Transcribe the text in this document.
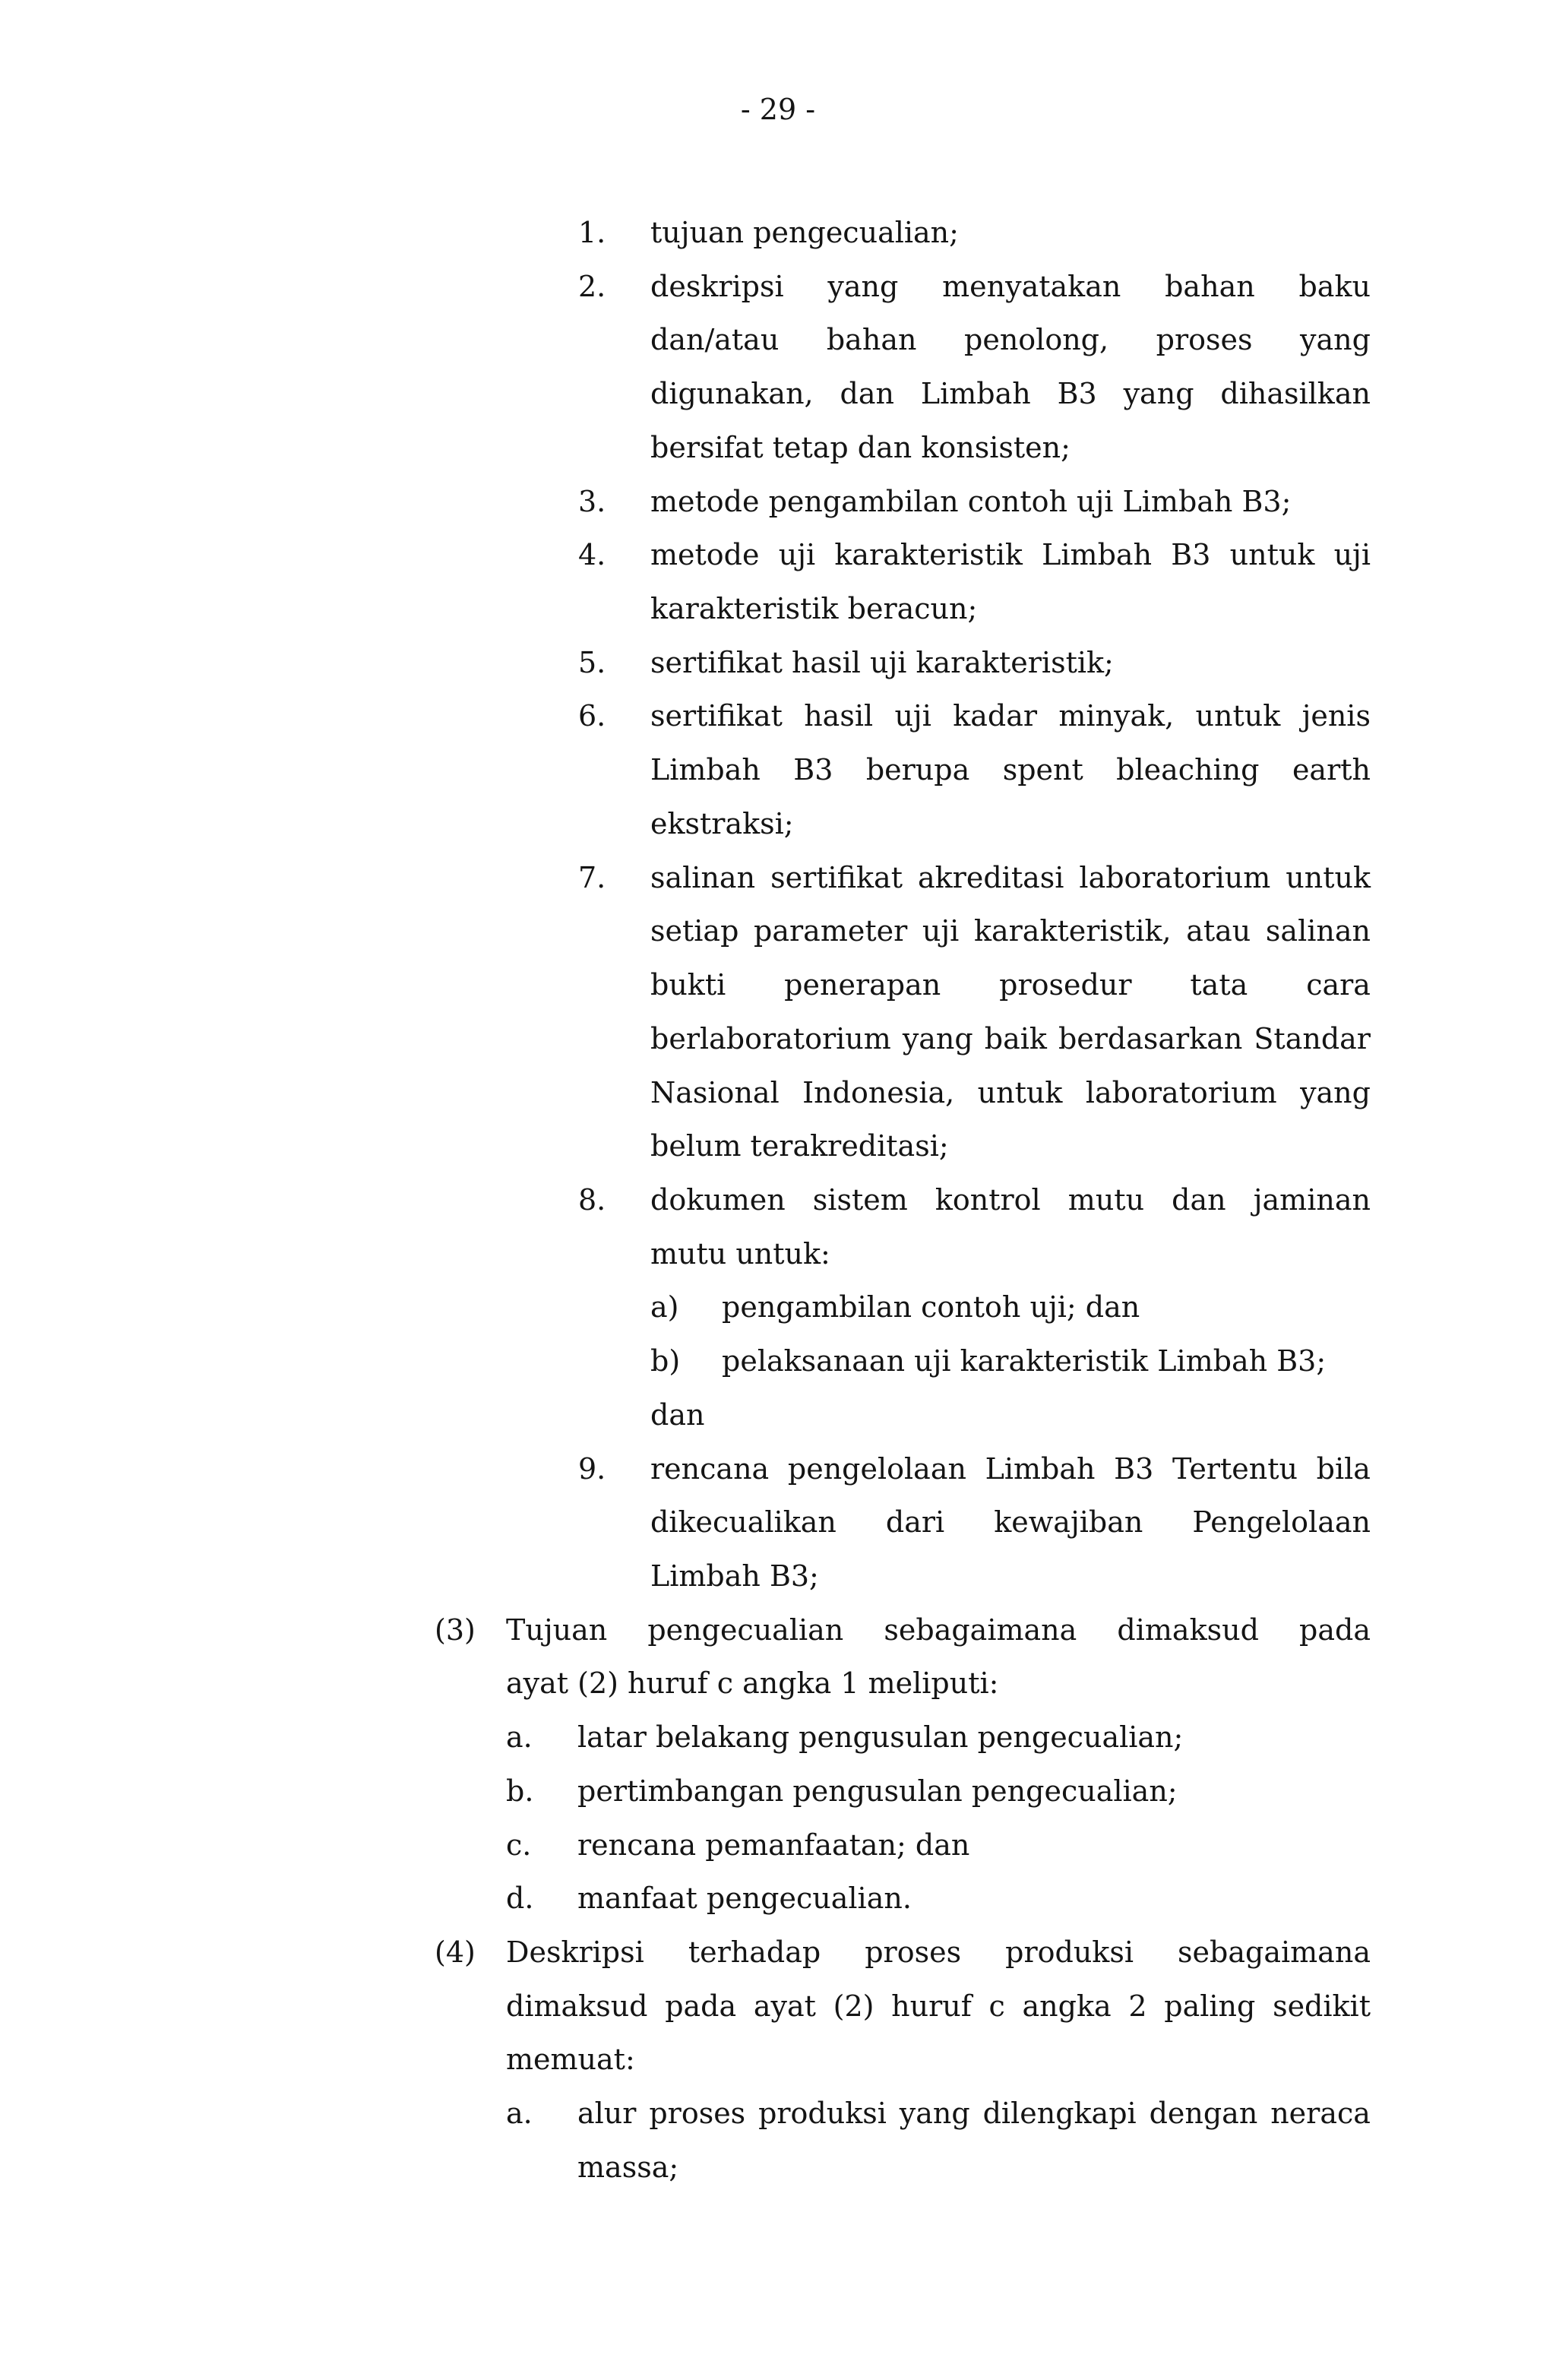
- 29 -
1. tujuan pengecualian;
2. deskripsi yang menyatakan bahan baku
dan/atau bahan penolong, proses yang
digunakan, dan Limbah B3 yang dihasilkan
bersifat tetap dan konsisten;
3. metode pengambilan contoh uji Limbah B3;
4. metode uji karakteristik Limbah B3 untuk uji
karakteristik beracun;
5. sertifikat hasil uji karakteristik;
6. sertifikat hasil uji kadar minyak, untuk jenis
Limbah B3 berupa spent bleaching earth
ekstraksi;
7. salinan sertifikat akreditasi laboratorium untuk
setiap parameter uji karakteristik, atau salinan
bukti penerapan prosedur tata cara
berlaboratorium yang baik berdasarkan Standar
Nasional Indonesia, untuk laboratorium yang
belum terakreditasi;
8. dokumen sistem kontrol mutu dan jaminan
mutu untuk:
a) pengambilan contoh uji; dan
b) pelaksanaan uji karakteristik Limbah B3;
dan
9. rencana pengelolaan Limbah B3 Tertentu bila
dikecualikan dari kewajiban Pengelolaan
Limbah B3;
(3) Tujuan pengecualian sebagaimana dimaksud pada
ayat (2) huruf c angka 1 meliputi:
a. latar belakang pengusulan pengecualian;
b. pertimbangan pengusulan pengecualian;
c. rencana pemanfaatan; dan
d. manfaat pengecualian.
(4) Deskripsi terhadap proses produksi sebagaimana
dimaksud pada ayat (2) huruf c angka 2 paling sedikit
memuat:
a. alur proses produksi yang dilengkapi dengan neraca
massa;
